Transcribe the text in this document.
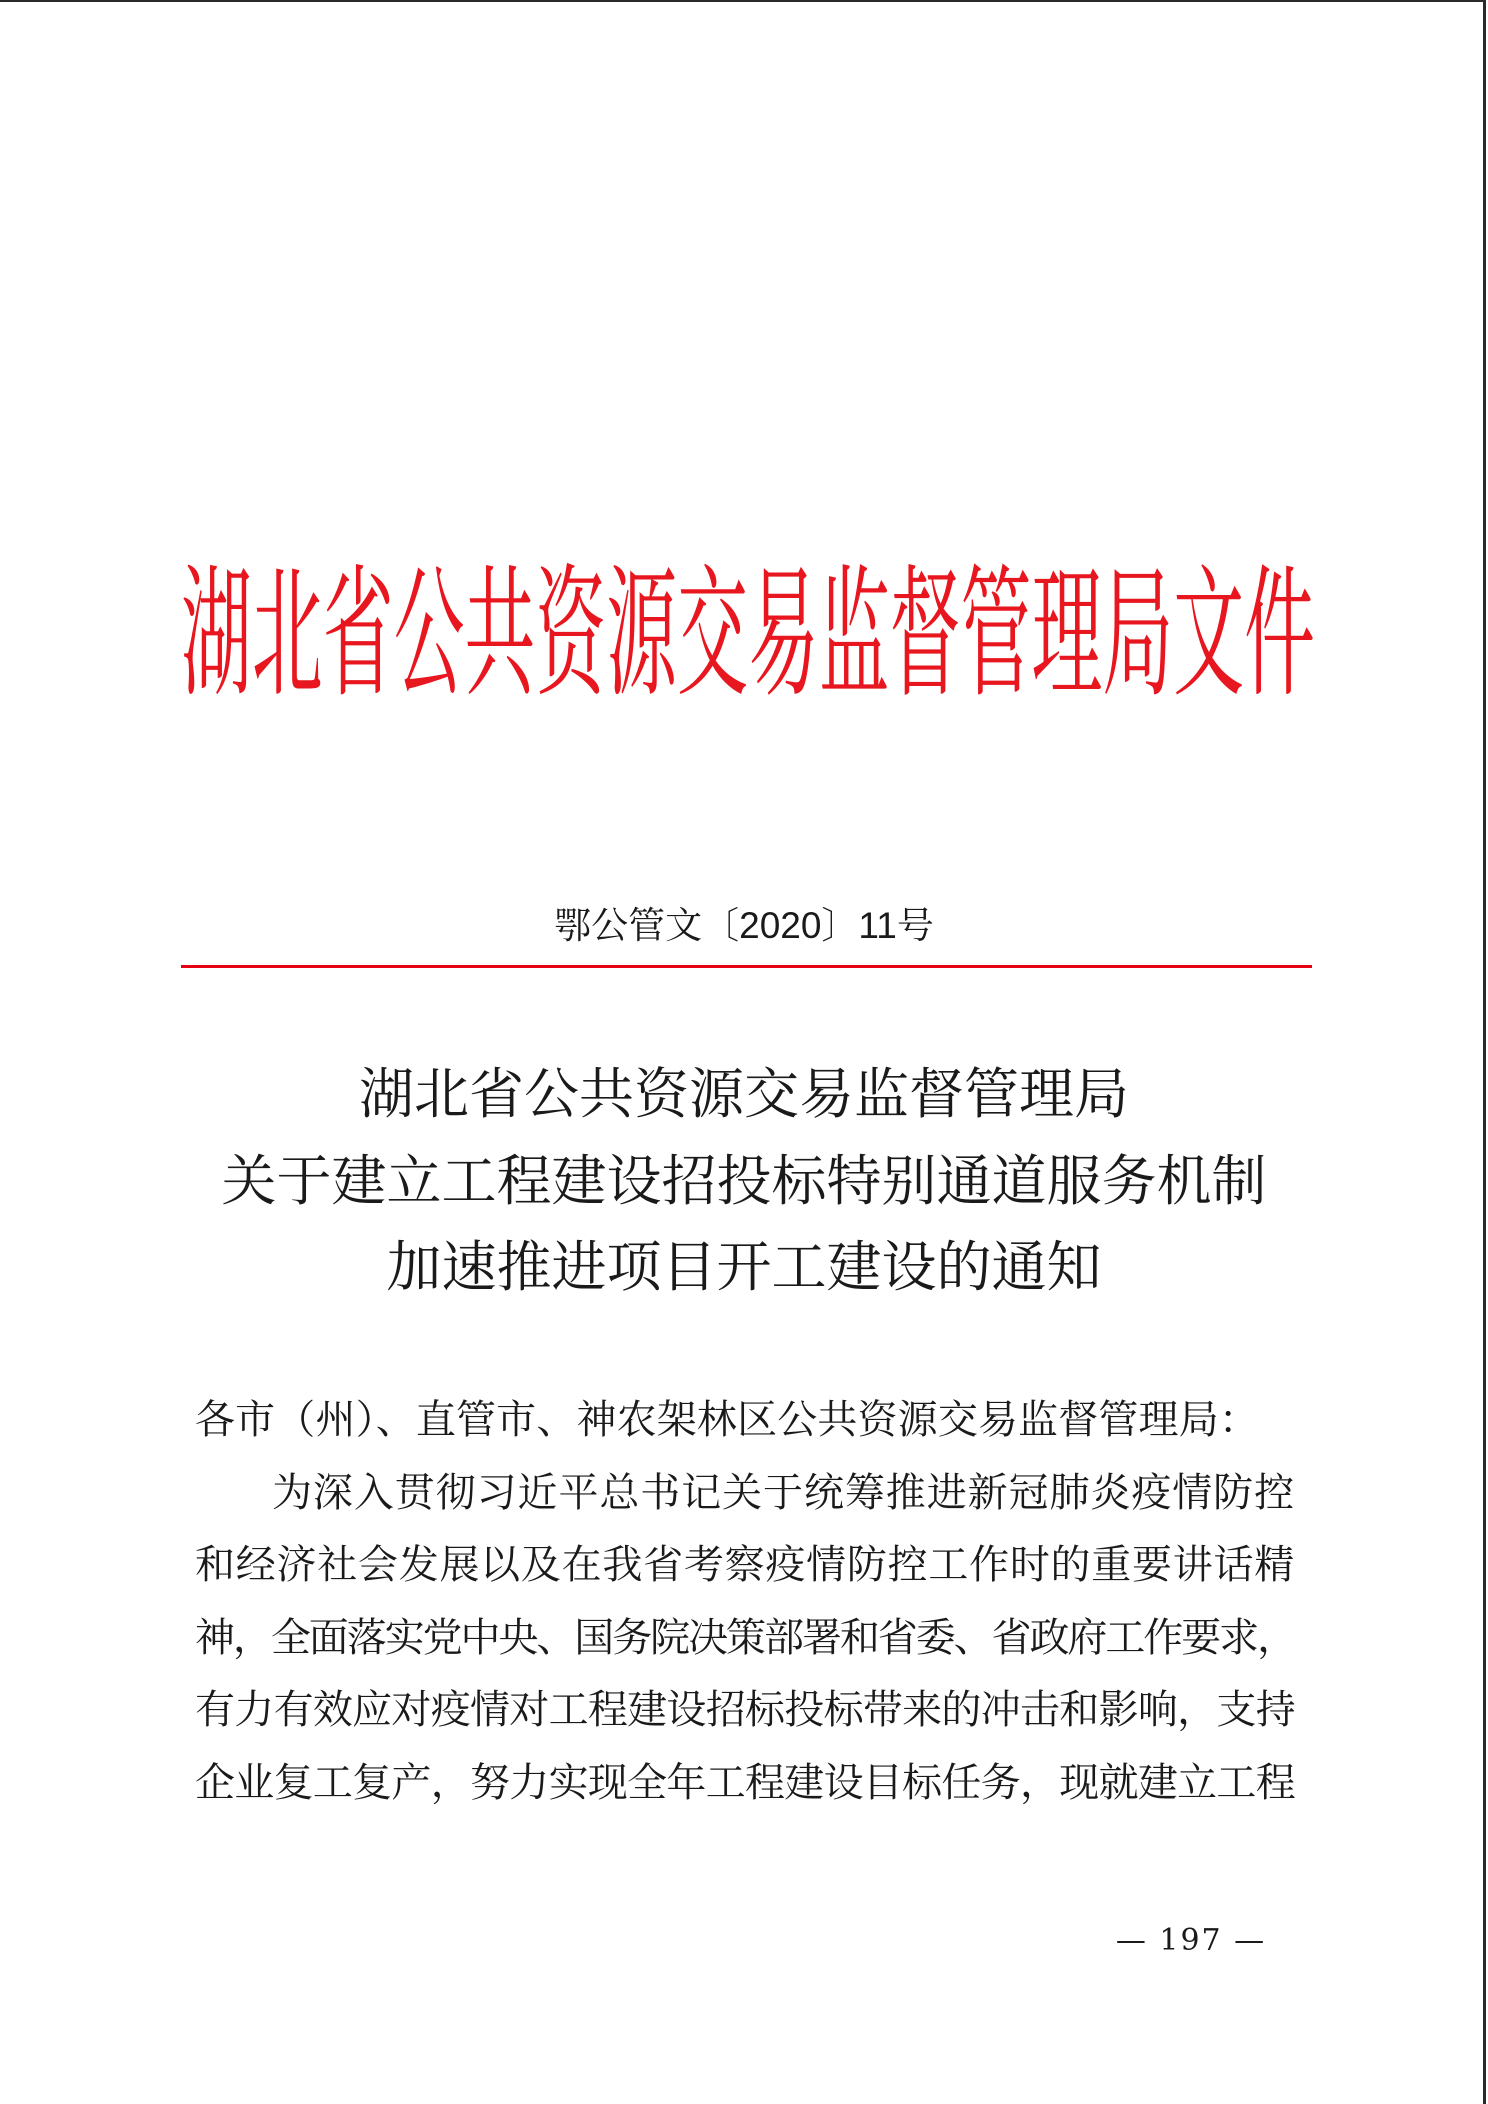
湖北省公共资源交易监督管理局文件
鄂公管文〔2020〕11号
湖北省公共资源交易监督管理局
关于建立工程建设招投标特别通道服务机制
加速推进项目开工建设的通知
各市（州）、直管市、神农架林区公共资源交易监督管理局：
为深入贯彻习近平总书记关于统筹推进新冠肺炎疫情防控
和经济社会发展以及在我省考察疫情防控工作时的重要讲话精
神，全面落实党中央、国务院决策部署和省委、省政府工作要求，
有力有效应对疫情对工程建设招标投标带来的冲击和影响，支持
企业复工复产，努力实现全年工程建设目标任务，现就建立工程
— 197 —
